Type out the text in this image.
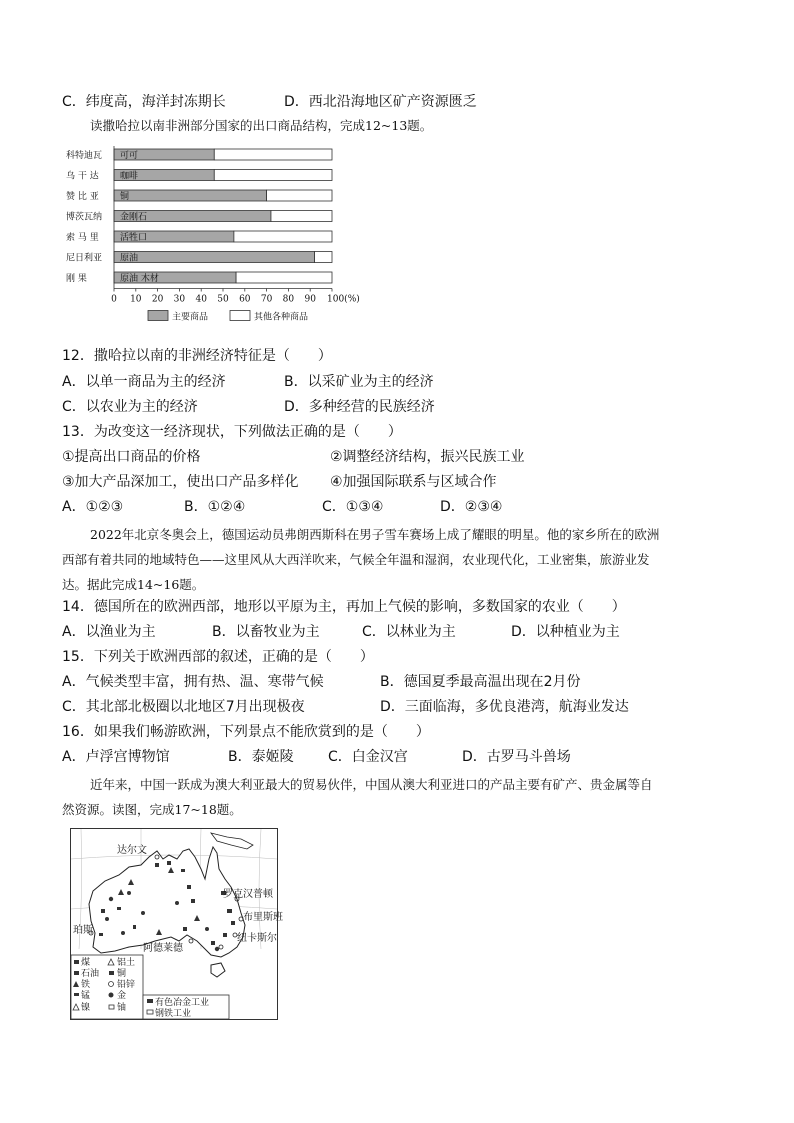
C．纬度高，海洋封冻期长	D．西北沿海地区矿产资源匮乏
读撒哈拉以南非洲部分国家的出口商品结构，完成12~13题。
科特迪瓦 可可
乌 干 达 咖啡
赞 比 亚 铜
博茨瓦纳 金刚石
索 马 里 活牲口
尼日利亚 原油
刚 果	原油 木材
0 10 20 30 40 50 60 70 80 90 100(%)
主要商品	其他各种商品
12．撒哈拉以南的非洲经济特征是（　　）
A．以单一商品为主的经济	B．以采矿业为主的经济
C．以农业为主的经济	D．多种经营的民族经济
13．为改变这一经济现状，下列做法正确的是（　　）
①提高出口商品的价格	②调整经济结构，振兴民族工业
③加大产品深加工，使出口产品多样化 ④加强国际联系与区域合作
A．①②③	B．①②④	C．①③④	D．②③④
2022年北京冬奥会上，德国运动员弗朗西斯科在男子雪车赛场上成了耀眼的明星。他的家乡所在的欧洲
西部有着共同的地域特色——这里风从大西洋吹来，气候全年温和湿润，农业现代化，工业密集，旅游业发
达。据此完成14~16题。
14．德国所在的欧洲西部，地形以平原为主，再加上气候的影响，多数国家的农业（　　）
A．以渔业为主	B．以畜牧业为主	C．以林业为主	D．以种植业为主
15．下列关于欧洲西部的叙述，正确的是（　　）
A．气候类型丰富，拥有热、温、寒带气候	B．德国夏季最高温出现在2月份
C．其北部北极圈以北地区7月出现极夜	D．三面临海，多优良港湾，航海业发达
16．如果我们畅游欧洲，下列景点不能欣赏到的是（　　）
A．卢浮宫博物馆	B．泰姬陵 C．白金汉宫	D．古罗马斗兽场
近年来，中国一跃成为澳大利亚最大的贸易伙伴，中国从澳大利亚进口的产品主要有矿产、贵金属等自
然资源。读图，完成17~18题。
达尔文
罗克汉普顿
布里斯班
纽卡斯尔
阿德莱德
珀斯
煤	铝土
石油 铜
铁	铅锌
锰	金
镍	铀	有色冶金工业
钢铁工业
